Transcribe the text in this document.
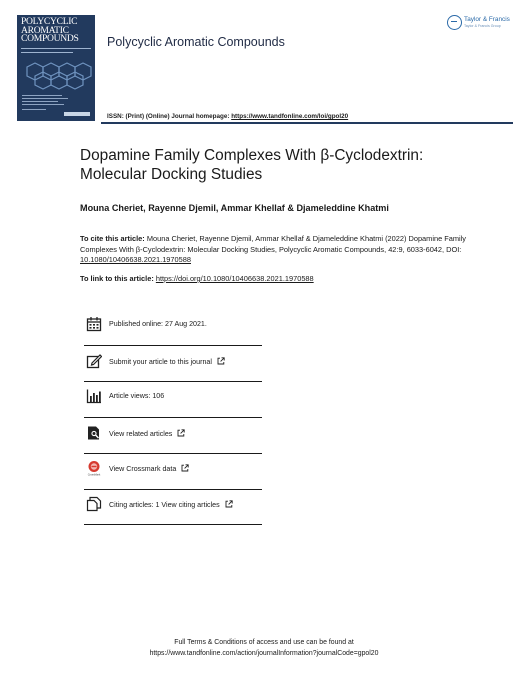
POLYCYCLIC
AROMATIC
COMPOUNDS	Polycyclic Aromatic Compounds
Taylor & Francis
Taylor & Francis Group
ISSN: (Print) (Online) Journal homepage: https://www.tandfonline.com/loi/gpol20
Dopamine Family Complexes With β-Cyclodextrin:
Molecular Docking Studies
Mouna Cheriet, Rayenne Djemil, Ammar Khellaf & Djameleddine Khatmi
To cite this article: Mouna Cheriet, Rayenne Djemil, Ammar Khellaf & Djameleddine Khatmi (2022) Dopamine Family Complexes With β-Cyclodextrin: Molecular Docking Studies, Polycyclic Aromatic Compounds, 42:9, 6033-6042, DOI: 10.1080/10406638.2021.1970588
To link to this article: https://doi.org/10.1080/10406638.2021.1970588
Published online: 27 Aug 2021.
Submit your article to this journal
Article views: 106
View related articles
CrossMark
View Crossmark data
Citing articles: 1 View citing articles
Full Terms & Conditions of access and use can be found at
https://www.tandfonline.com/action/journalInformation?journalCode=gpol20
